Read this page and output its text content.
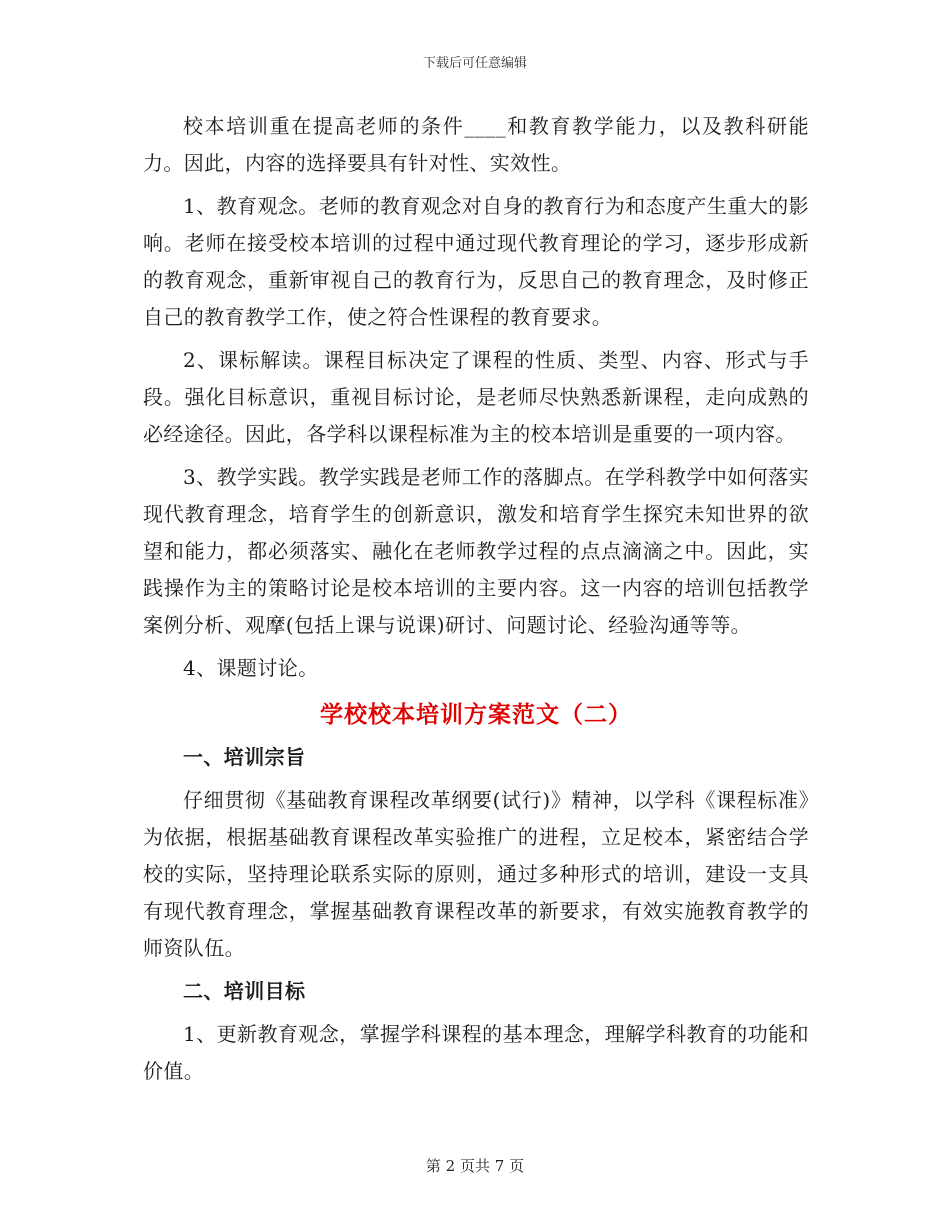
下载后可任意编辑

校本培训重在提高老师的条件____和教育教学能力，以及教科研能力。因此，内容的选择要具有针对性、实效性。

1、教育观念。老师的教育观念对自身的教育行为和态度产生重大的影响。老师在接受校本培训的过程中通过现代教育理论的学习，逐步形成新的教育观念，重新审视自己的教育行为，反思自己的教育理念，及时修正自己的教育教学工作，使之符合性课程的教育要求。

2、课标解读。课程目标决定了课程的性质、类型、内容、形式与手段。强化目标意识，重视目标讨论，是老师尽快熟悉新课程，走向成熟的必经途径。因此，各学科以课程标准为主的校本培训是重要的一项内容。

3、教学实践。教学实践是老师工作的落脚点。在学科教学中如何落实现代教育理念，培育学生的创新意识，激发和培育学生探究未知世界的欲望和能力，都必须落实、融化在老师教学过程的点点滴滴之中。因此，实践操作为主的策略讨论是校本培训的主要内容。这一内容的培训包括教学案例分析、观摩(包括上课与说课)研讨、问题讨论、经验沟通等等。

4、课题讨论。

学校校本培训方案范文（二）

一、培训宗旨

仔细贯彻《基础教育课程改革纲要(试行)》精神，以学科《课程标准》为依据，根据基础教育课程改革实验推广的进程，立足校本，紧密结合学校的实际，坚持理论联系实际的原则，通过多种形式的培训，建设一支具有现代教育理念，掌握基础教育课程改革的新要求，有效实施教育教学的师资队伍。

二、培训目标

1、更新教育观念，掌握学科课程的基本理念，理解学科教育的功能和价值。

第 2 页共 7 页
